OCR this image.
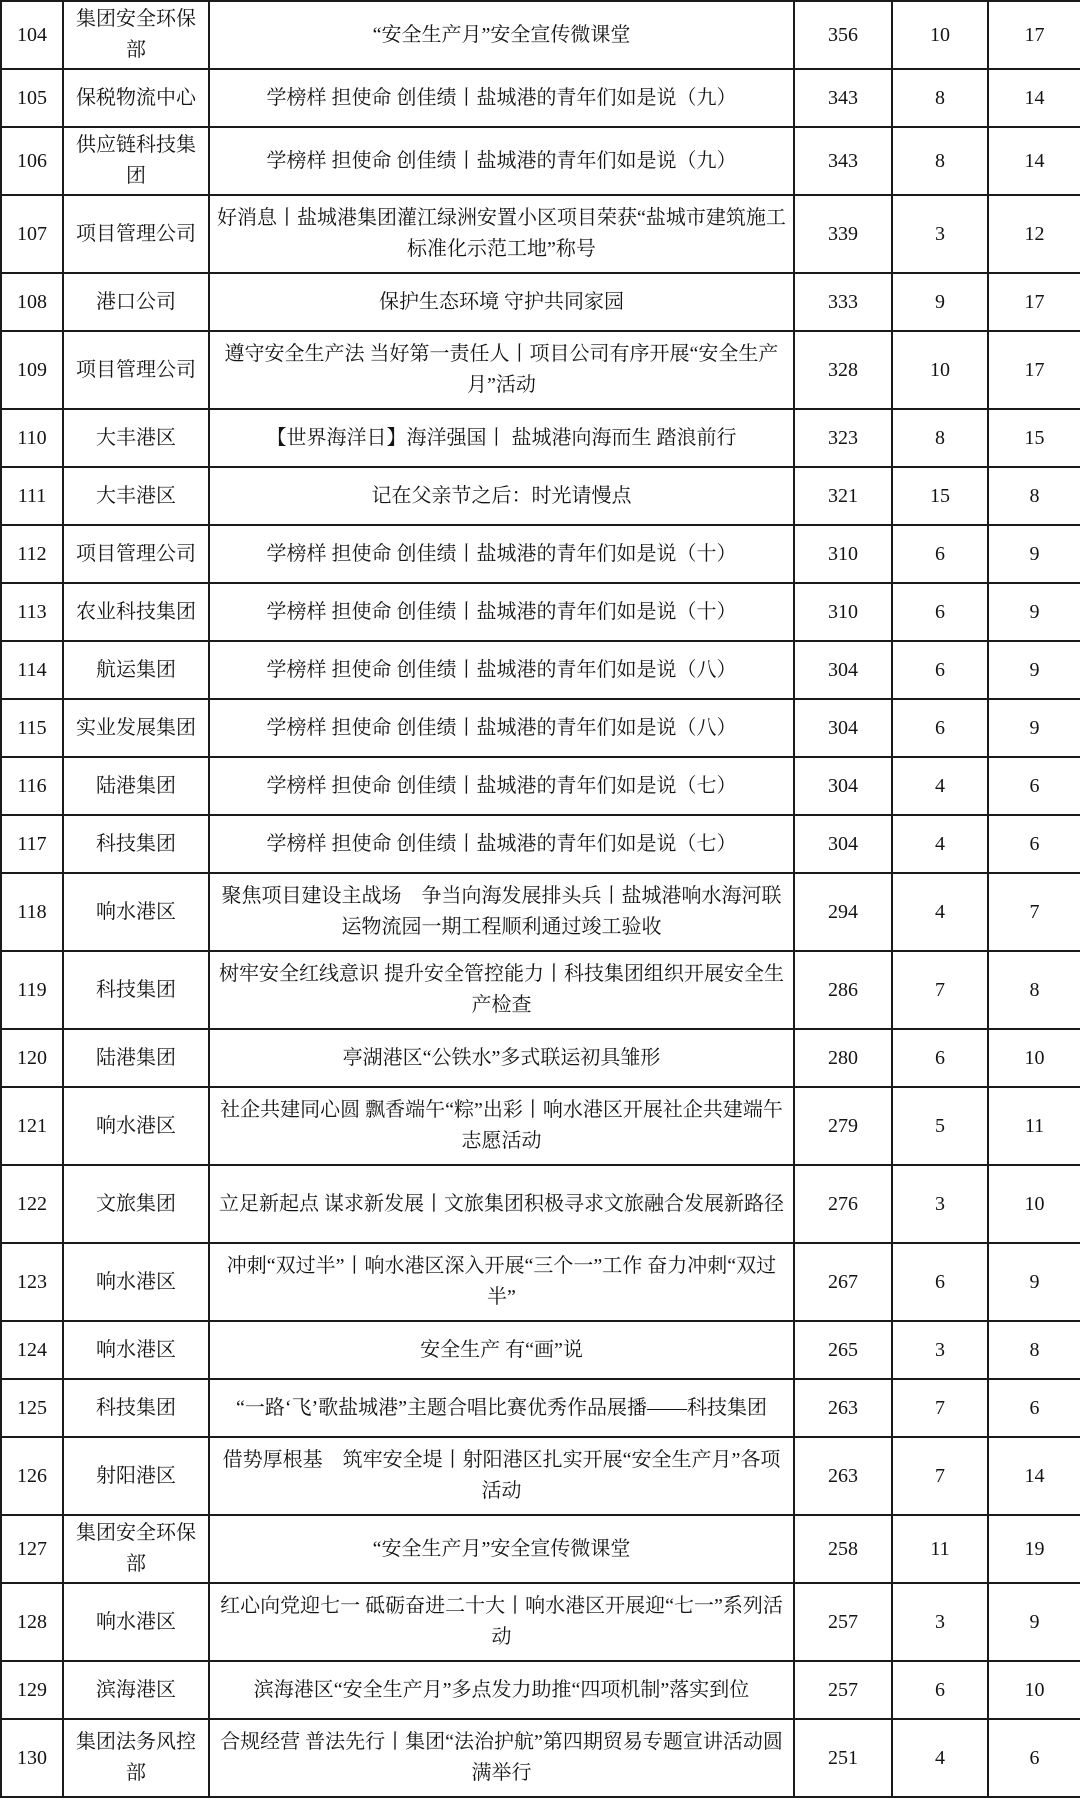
104	集团安全环保部	“安全生产月”安全宣传微课堂	356	10	17
105	保税物流中心	学榜样 担使命 创佳绩丨盐城港的青年们如是说（九）	343	8	14
106	供应链科技集团	学榜样 担使命 创佳绩丨盐城港的青年们如是说（九）	343	8	14
107	项目管理公司	好消息丨盐城港集团灌江绿洲安置小区项目荣获“盐城市建筑施工标准化示范工地”称号	339	3	12
108	港口公司	保护生态环境 守护共同家园	333	9	17
109	项目管理公司	遵守安全生产法 当好第一责任人丨项目公司有序开展“安全生产月”活动	328	10	17
110	大丰港区	【世界海洋日】海洋强国丨 盐城港向海而生 踏浪前行	323	8	15
111	大丰港区	记在父亲节之后：时光请慢点	321	15	8
112	项目管理公司	学榜样 担使命 创佳绩丨盐城港的青年们如是说（十）	310	6	9
113	农业科技集团	学榜样 担使命 创佳绩丨盐城港的青年们如是说（十）	310	6	9
114	航运集团	学榜样 担使命 创佳绩丨盐城港的青年们如是说（八）	304	6	9
115	实业发展集团	学榜样 担使命 创佳绩丨盐城港的青年们如是说（八）	304	6	9
116	陆港集团	学榜样 担使命 创佳绩丨盐城港的青年们如是说（七）	304	4	6
117	科技集团	学榜样 担使命 创佳绩丨盐城港的青年们如是说（七）	304	4	6
118	响水港区	聚焦项目建设主战场　争当向海发展排头兵丨盐城港响水海河联运物流园一期工程顺利通过竣工验收	294	4	7
119	科技集团	树牢安全红线意识 提升安全管控能力丨科技集团组织开展安全生产检查	286	7	8
120	陆港集团	亭湖港区“公铁水”多式联运初具雏形	280	6	10
121	响水港区	社企共建同心圆 飘香端午“粽”出彩丨响水港区开展社企共建端午志愿活动	279	5	11
122	文旅集团	立足新起点 谋求新发展丨文旅集团积极寻求文旅融合发展新路径	276	3	10
123	响水港区	冲刺“双过半”丨响水港区深入开展“三个一”工作 奋力冲刺“双过半”	267	6	9
124	响水港区	安全生产 有“画”说	265	3	8
125	科技集团	“一路‘飞’歌盐城港”主题合唱比赛优秀作品展播——科技集团	263	7	6
126	射阳港区	借势厚根基　筑牢安全堤丨射阳港区扎实开展“安全生产月”各项活动	263	7	14
127	集团安全环保部	“安全生产月”安全宣传微课堂	258	11	19
128	响水港区	红心向党迎七一 砥砺奋进二十大丨响水港区开展迎“七一”系列活动	257	3	9
129	滨海港区	滨海港区“安全生产月”多点发力助推“四项机制”落实到位	257	6	10
130	集团法务风控部	合规经营 普法先行丨集团“法治护航”第四期贸易专题宣讲活动圆满举行	251	4	6
